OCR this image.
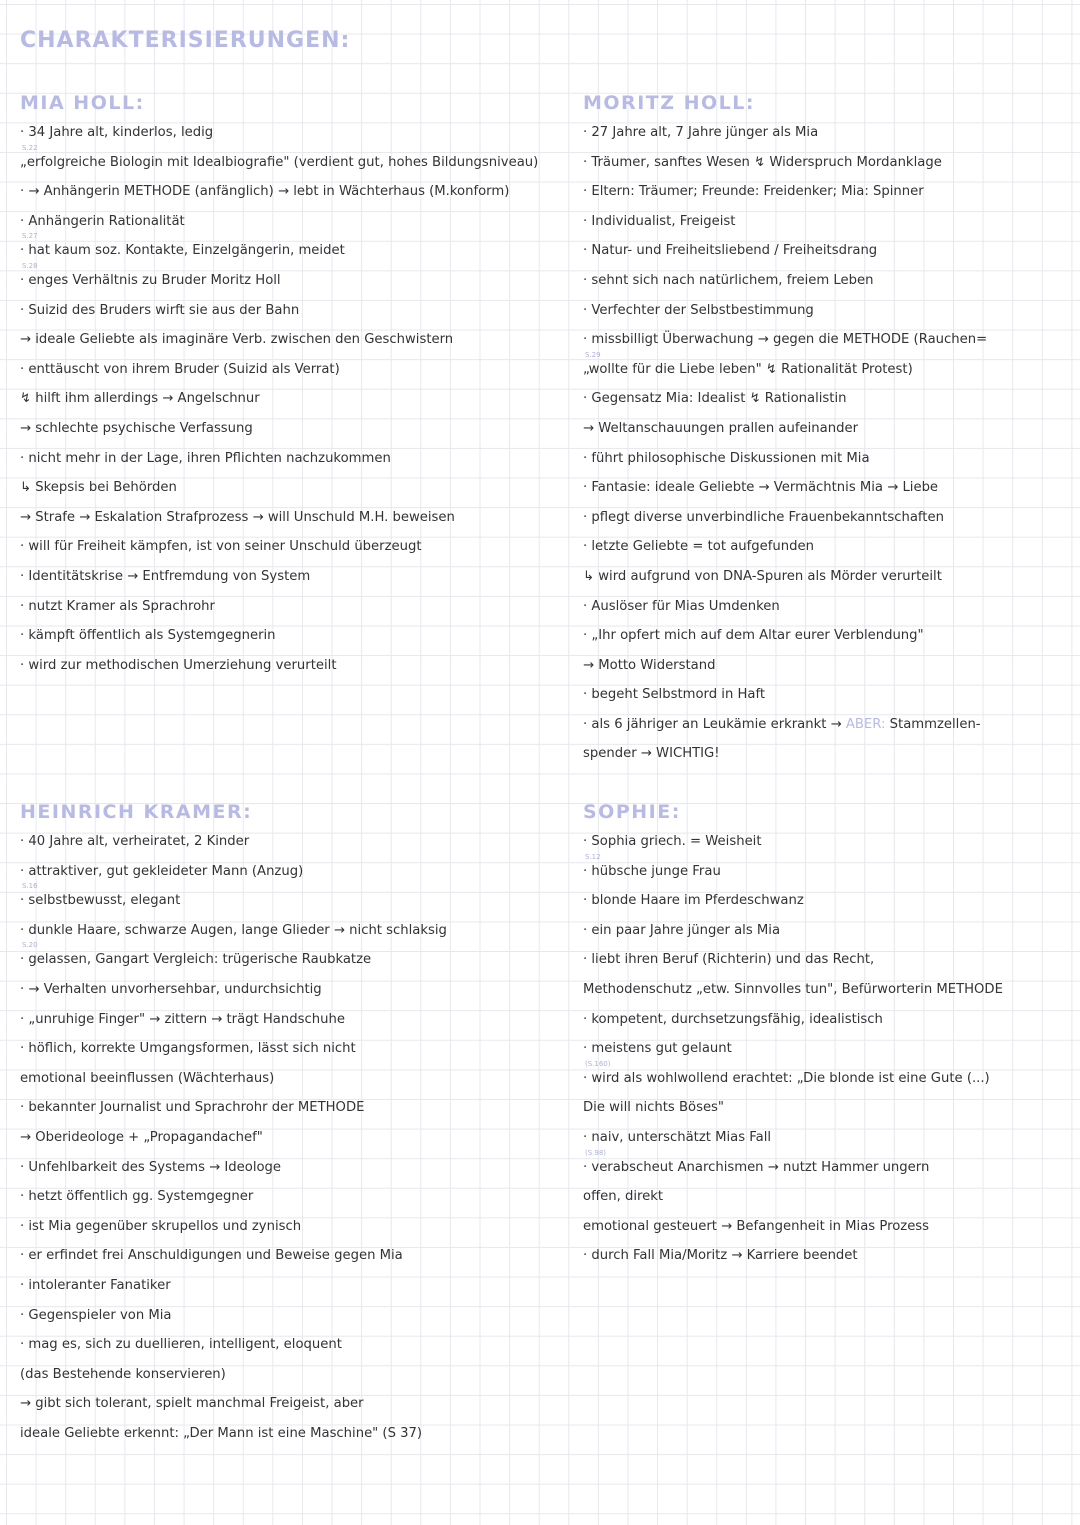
CHARAKTERISIERUNGEN:
MIA HOLL:
· 34 Jahre alt, kinderlos, ledig
S.22
„erfolgreiche Biologin mit Idealbiografie" (verdient gut, hohes Bildungsniveau)
· → Anhängerin METHODE (anfänglich) → lebt in Wächterhaus (M.konform)
· Anhängerin Rationalität
S.27
· hat kaum soz. Kontakte, Einzelgängerin, meidet
S.28
· enges Verhältnis zu Bruder Moritz Holl
· Suizid des Bruders wirft sie aus der Bahn
→ ideale Geliebte als imaginäre Verb. zwischen den Geschwistern
· enttäuscht von ihrem Bruder (Suizid als Verrat)
↯ hilft ihm allerdings → Angelschnur
→ schlechte psychische Verfassung
· nicht mehr in der Lage, ihren Pflichten nachzukommen
↳ Skepsis bei Behörden
→ Strafe → Eskalation Strafprozess → will Unschuld M.H. beweisen
· will für Freiheit kämpfen, ist von seiner Unschuld überzeugt
· Identitätskrise → Entfremdung von System
· nutzt Kramer als Sprachrohr
· kämpft öffentlich als Systemgegnerin
· wird zur methodischen Umerziehung verurteilt
MORITZ HOLL:
· 27 Jahre alt, 7 Jahre jünger als Mia
· Träumer, sanftes Wesen ↯ Widerspruch Mordanklage
· Eltern: Träumer; Freunde: Freidenker; Mia: Spinner
· Individualist, Freigeist
· Natur- und Freiheitsliebend / Freiheitsdrang
· sehnt sich nach natürlichem, freiem Leben
· Verfechter der Selbstbestimmung
· missbilligt Überwachung → gegen die METHODE (Rauchen=
S.29
„wollte für die Liebe leben" ↯ Rationalität Protest)
· Gegensatz Mia: Idealist ↯ Rationalistin
→ Weltanschauungen prallen aufeinander
· führt philosophische Diskussionen mit Mia
· Fantasie: ideale Geliebte → Vermächtnis Mia → Liebe
· pflegt diverse unverbindliche Frauenbekanntschaften
· letzte Geliebte = tot aufgefunden
↳ wird aufgrund von DNA-Spuren als Mörder verurteilt
· Auslöser für Mias Umdenken
· „Ihr opfert mich auf dem Altar eurer Verblendung"
→ Motto Widerstand
· begeht Selbstmord in Haft
· als 6 jähriger an Leukämie erkrankt → ABER: Stammzellen-
spender → WICHTIG!
HEINRICH KRAMER:
· 40 Jahre alt, verheiratet, 2 Kinder
· attraktiver, gut gekleideter Mann (Anzug)
S.16
· selbstbewusst, elegant
· dunkle Haare, schwarze Augen, lange Glieder → nicht schlaksig
S.20
· gelassen, Gangart Vergleich: trügerische Raubkatze
· → Verhalten unvorhersehbar, undurchsichtig
· „unruhige Finger" → zittern → trägt Handschuhe
· höflich, korrekte Umgangsformen, lässt sich nicht
emotional beeinflussen (Wächterhaus)
· bekannter Journalist und Sprachrohr der METHODE
→ Oberideologe + „Propagandachef"
· Unfehlbarkeit des Systems → Ideologe
· hetzt öffentlich gg. Systemgegner
· ist Mia gegenüber skrupellos und zynisch
· er erfindet frei Anschuldigungen und Beweise gegen Mia
· intoleranter Fanatiker
· Gegenspieler von Mia
· mag es, sich zu duellieren, intelligent, eloquent
(das Bestehende konservieren)
→ gibt sich tolerant, spielt manchmal Freigeist, aber
ideale Geliebte erkennt: „Der Mann ist eine Maschine" (S 37)
SOPHIE:
· Sophia griech. = Weisheit
S.12
· hübsche junge Frau
· blonde Haare im Pferdeschwanz
· ein paar Jahre jünger als Mia
· liebt ihren Beruf (Richterin) und das Recht,
Methodenschutz „etw. Sinnvolles tun", Befürworterin METHODE
· kompetent, durchsetzungsfähig, idealistisch
· meistens gut gelaunt
(S.160)
· wird als wohlwollend erachtet: „Die blonde ist eine Gute (...)
Die will nichts Böses"
· naiv, unterschätzt Mias Fall
(S.98)
· verabscheut Anarchismen → nutzt Hammer ungern
offen, direkt
emotional gesteuert → Befangenheit in Mias Prozess
· durch Fall Mia/Moritz → Karriere beendet
